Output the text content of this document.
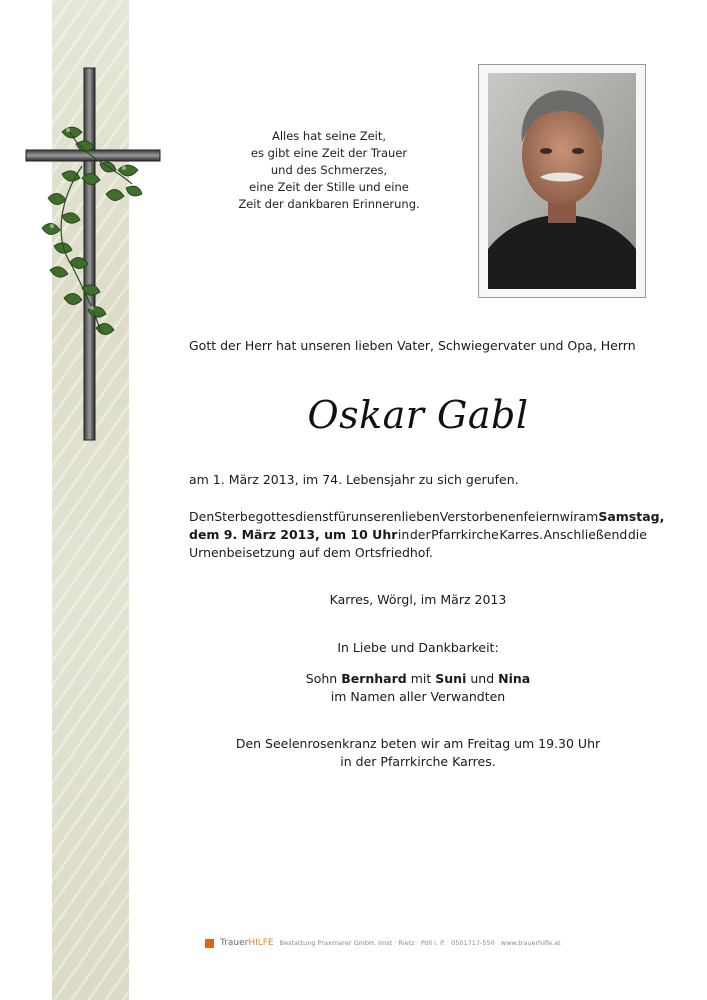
Alles hat seine Zeit,
es gibt eine Zeit der Trauer
und des Schmerzes,
eine Zeit der Stille und eine
Zeit der dankbaren Erinnerung.
Gott der Herr hat unseren lieben Vater, Schwiegervater und Opa, Herrn
Oskar Gabl
am 1. März 2013, im 74. Lebensjahr zu sich gerufen.
Den Sterbegottesdienst für unseren lieben Verstorbenen feiern wir am Samstag,
dem 9. März 2013, um 10 Uhr in der Pfarrkirche Karres. Anschließend die
Urnenbeisetzung auf dem Ortsfriedhof.
Karres, Wörgl, im März 2013
In Liebe und Dankbarkeit:
Sohn Bernhard mit Suni und Nina
im Namen aller Verwandten
Den Seelenrosenkranz beten wir am Freitag um 19.30 Uhr
in der Pfarrkirche Karres.
TrauerHILFE Bestattung Praxmarer GmbH, Imst · Rietz · Pöll i. P. 0501717-550 www.trauerhilfe.at
